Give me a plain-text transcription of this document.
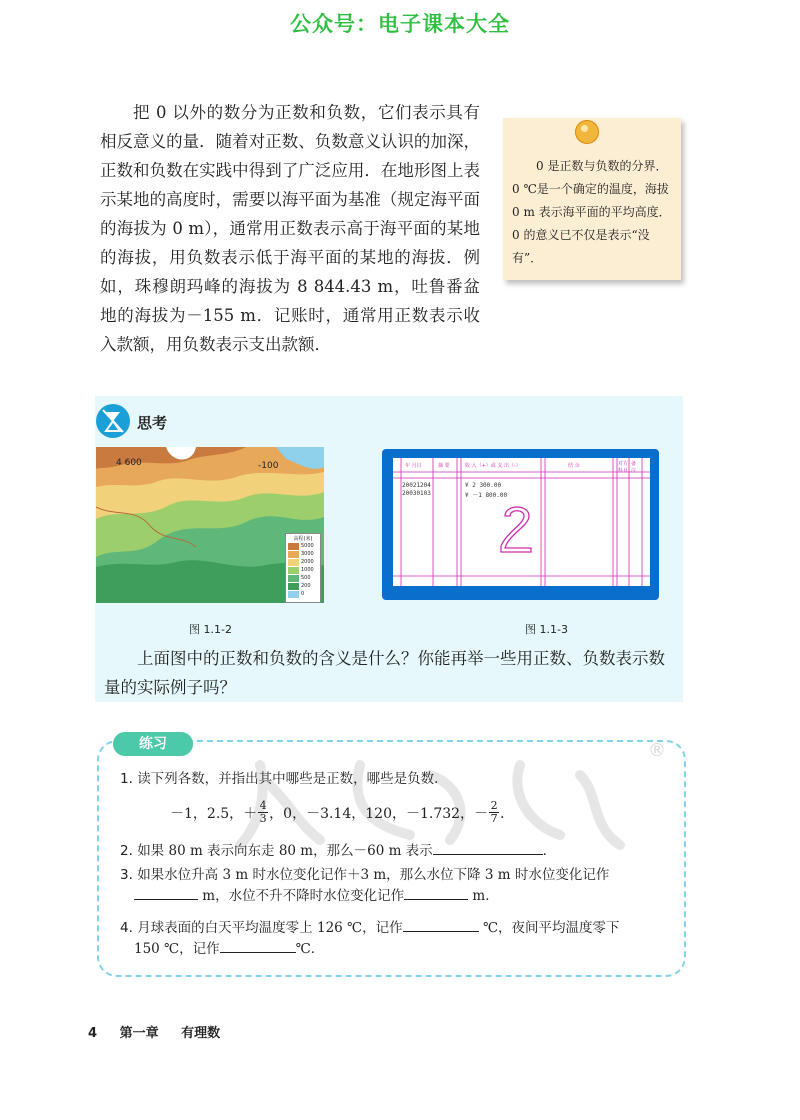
公众号：电子课本大全

把 0 以外的数分为正数和负数，它们表示具有相反意义的量．随着对正数、负数意义认识的加深，正数和负数在实践中得到了广泛应用．在地形图上表示某地的高度时，需要以海平面为基准（规定海平面的海拔为 0 m），通常用正数表示高于海平面的某地的海拔，用负数表示低于海平面的某地的海拔．例如，珠穆朗玛峰的海拔为 8 844.43 m，吐鲁番盆地的海拔为－155 m．记账时，通常用正数表示收入款额，用负数表示支出款额．

0 是正数与负数的分界．0 ℃是一个确定的温度，海拔 0 m 表示海平面的平均高度．0 的意义已不仅是表示“没有”．

思考
4 600	-100
高程(米)
5000
3000
2000
1000
500
200
0
年 月日	摘 要	收 入（+）或 支 出（-）	结 余	对方 科目
备 注
20021204	¥ 2 300.00
20030103	¥ －1 800.00
图 1.1-2	图 1.1-3

上面图中的正数和负数的含义是什么？你能再举一些用正数、负数表示数量的实际例子吗？

®
练习
1. 读下列各数，并指出其中哪些是正数，哪些是负数．
－1，2.5，＋ $\frac{4}{3}$ ，0，－3.14，120，－1.732，－ $\frac{2}{7}$ ．
2. 如果 80 m 表示向东走 80 m，那么－60 m 表示	．
3. 如果水位升高 3 m 时水位变化记作＋3 m，那么水位下降 3 m 时水位变化记作
m，水位不升不降时水位变化记作	m．
4. 月球表面的白天平均温度零上 126 ℃，记作	℃，夜间平均温度零下
150 ℃，记作	℃．
4 第一章 有理数
